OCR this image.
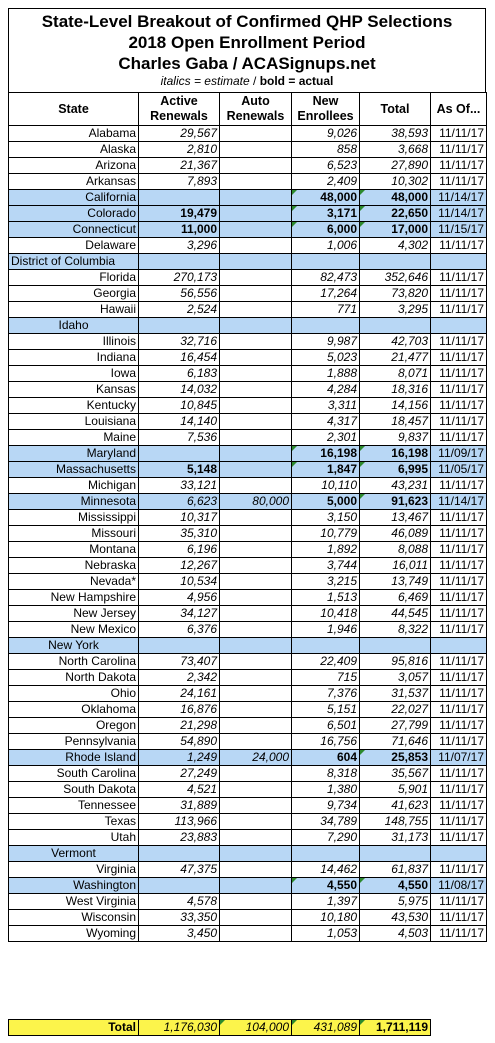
State-Level Breakout of Confirmed QHP Selections
2018 Open Enrollment Period
Charles Gaba / ACASignups.net
italics = estimate / bold = actual
State	Active Renewals	Auto Renewals	New Enrollees	Total	As Of...
Alabama	29,567		9,026	38,593	11/11/17
Alaska	2,810		858	3,668	11/11/17
Arizona	21,367		6,523	27,890	11/11/17
Arkansas	7,893		2,409	10,302	11/11/17
California			48,000	48,000	11/14/17
Colorado	19,479		3,171	22,650	11/14/17
Connecticut	11,000		6,000	17,000	11/15/17
Delaware	3,296		1,006	4,302	11/11/17
District of Columbia					
Florida	270,173		82,473	352,646	11/11/17
Georgia	56,556		17,264	73,820	11/11/17
Hawaii	2,524		771	3,295	11/11/17
Idaho					
Illinois	32,716		9,987	42,703	11/11/17
Indiana	16,454		5,023	21,477	11/11/17
Iowa	6,183		1,888	8,071	11/11/17
Kansas	14,032		4,284	18,316	11/11/17
Kentucky	10,845		3,311	14,156	11/11/17
Louisiana	14,140		4,317	18,457	11/11/17
Maine	7,536		2,301	9,837	11/11/17
Maryland			16,198	16,198	11/09/17
Massachusetts	5,148		1,847	6,995	11/05/17
Michigan	33,121		10,110	43,231	11/11/17
Minnesota	6,623	80,000	5,000	91,623	11/14/17
Mississippi	10,317		3,150	13,467	11/11/17
Missouri	35,310		10,779	46,089	11/11/17
Montana	6,196		1,892	8,088	11/11/17
Nebraska	12,267		3,744	16,011	11/11/17
Nevada*	10,534		3,215	13,749	11/11/17
New Hampshire	4,956		1,513	6,469	11/11/17
New Jersey	34,127		10,418	44,545	11/11/17
New Mexico	6,376		1,946	8,322	11/11/17
New York					
North Carolina	73,407		22,409	95,816	11/11/17
North Dakota	2,342		715	3,057	11/11/17
Ohio	24,161		7,376	31,537	11/11/17
Oklahoma	16,876		5,151	22,027	11/11/17
Oregon	21,298		6,501	27,799	11/11/17
Pennsylvania	54,890		16,756	71,646	11/11/17
Rhode Island	1,249	24,000	604	25,853	11/07/17
South Carolina	27,249		8,318	35,567	11/11/17
South Dakota	4,521		1,380	5,901	11/11/17
Tennessee	31,889		9,734	41,623	11/11/17
Texas	113,966		34,789	148,755	11/11/17
Utah	23,883		7,290	31,173	11/11/17
Vermont					
Virginia	47,375		14,462	61,837	11/11/17
Washington			4,550	4,550	11/08/17
West Virginia	4,578		1,397	5,975	11/11/17
Wisconsin	33,350		10,180	43,530	11/11/17
Wyoming	3,450		1,053	4,503	11/11/17
Total	1,176,030	104,000	431,089	1,711,119	
